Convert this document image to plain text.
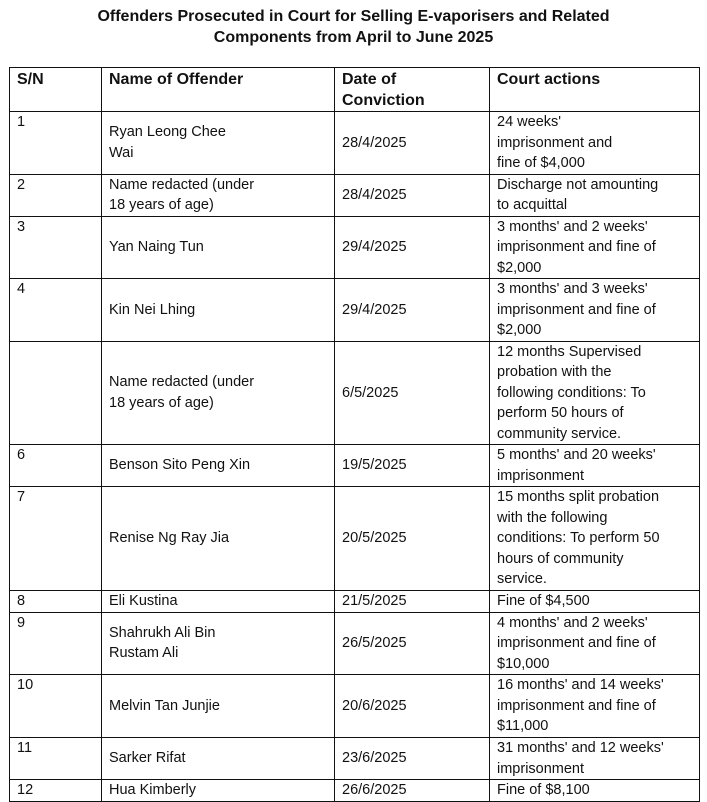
Offenders Prosecuted in Court for Selling E-vaporisers and Related
Components from April to June 2025
S/N	Name of Offender	Date of Conviction	Court actions
1	Ryan Leong Chee
Wai	28/4/2025	24 weeks'
imprisonment and
fine of $4,000
2	Name redacted (under
18 years of age)	28/4/2025	Discharge not amounting
to acquittal
3	Yan Naing Tun	29/4/2025	3 months' and 2 weeks'
imprisonment and fine of
$2,000
4	Kin Nei Lhing	29/4/2025	3 months' and 3 weeks'
imprisonment and fine of
$2,000
	Name redacted (under
18 years of age)	6/5/2025	12 months Supervised
probation with the
following conditions: To
perform 50 hours of
community service.
6	Benson Sito Peng Xin	19/5/2025	5 months' and 20 weeks'
imprisonment
7	Renise Ng Ray Jia	20/5/2025	15 months split probation
with the following
conditions: To perform 50
hours of community
service.
8	Eli Kustina	21/5/2025	Fine of $4,500
9	Shahrukh Ali Bin
Rustam Ali	26/5/2025	4 months' and 2 weeks'
imprisonment and fine of
$10,000
10	Melvin Tan Junjie	20/6/2025	16 months' and 14 weeks'
imprisonment and fine of
$11,000
11	Sarker Rifat	23/6/2025	31 months' and 12 weeks'
imprisonment
12	Hua Kimberly	26/6/2025	Fine of $8,100
